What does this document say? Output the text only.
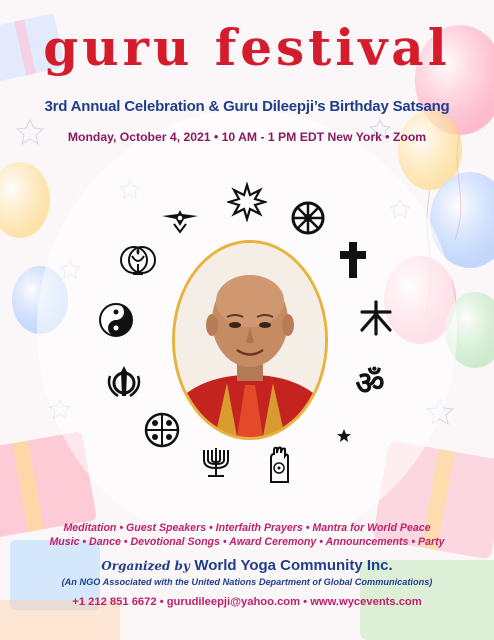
guru festival
3rd Annual Celebration & Guru Dileepji’s Birthday Satsang
Monday, October 4, 2021 • 10 AM - 1 PM EDT New York • Zoom
ॐ
Meditation • Guest Speakers • Interfaith Prayers • Mantra for World Peace
Music • Dance • Devotional Songs • Award Ceremony • Announcements • Party
Organized by World Yoga Community Inc.
(An NGO Associated with the United Nations Department of Global Communications)
+1 212 851 6672 • gurudileepji@yahoo.com • www.wycevents.com
